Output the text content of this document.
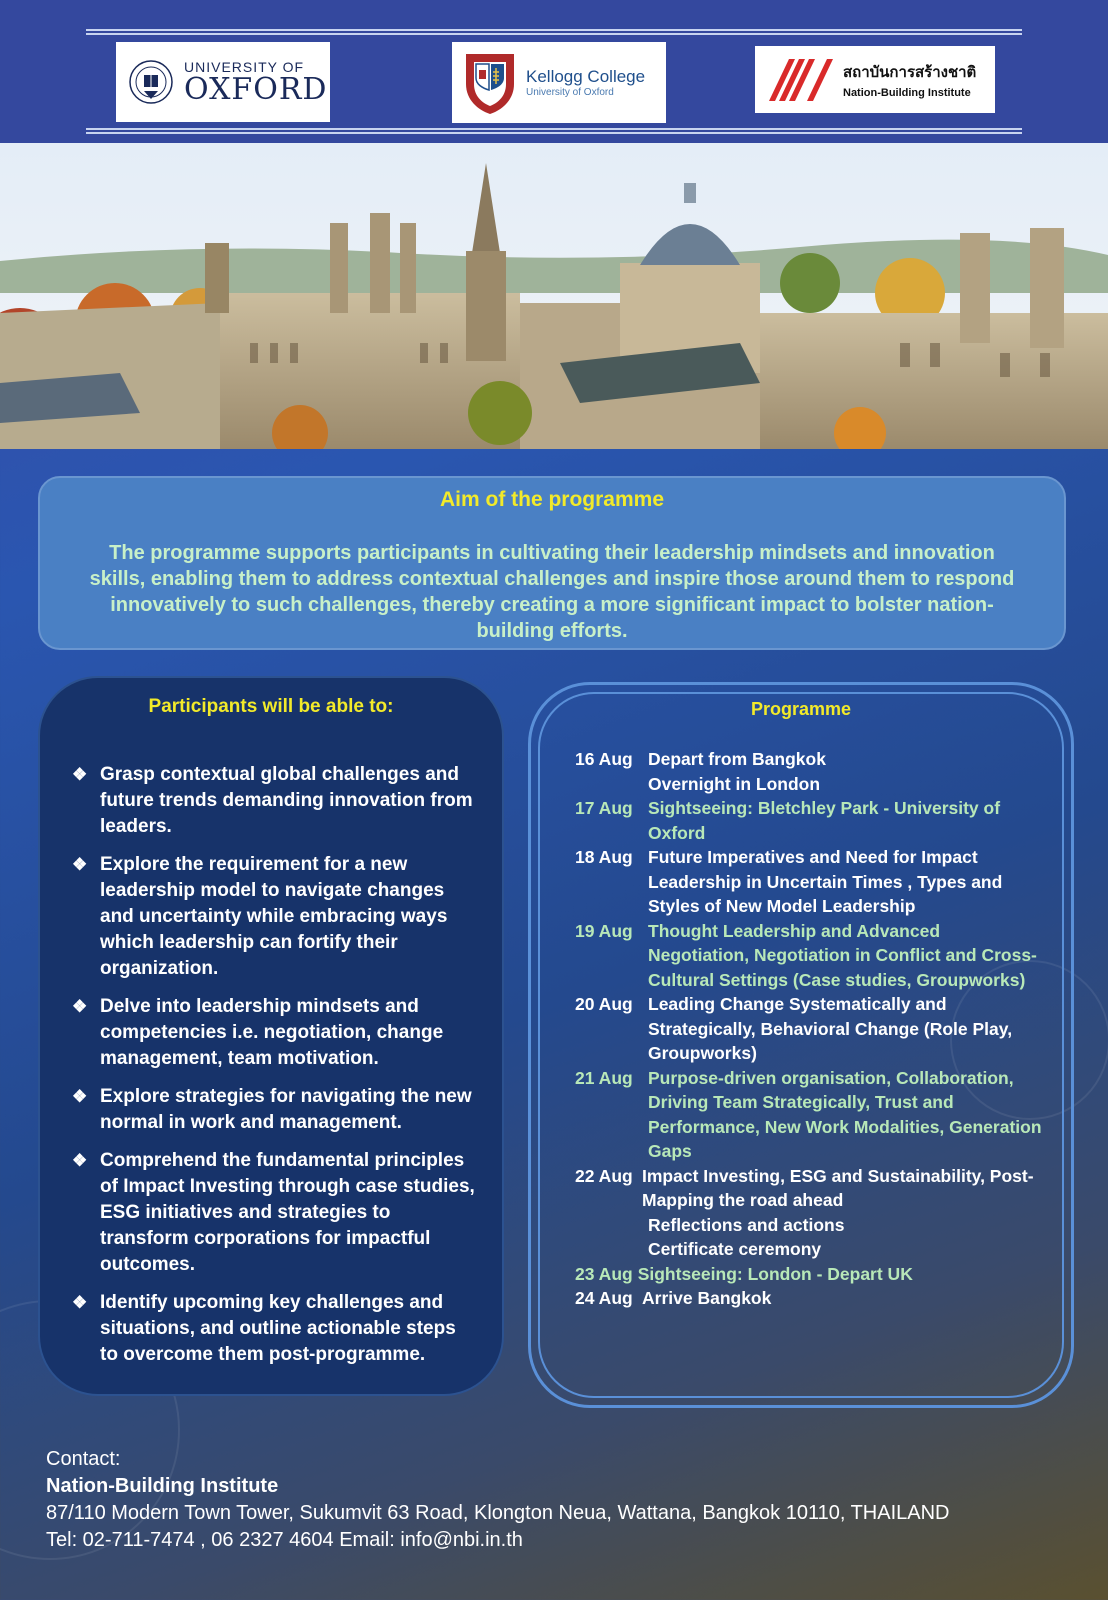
UNIVERSITY OF
OXFORD	Kellogg College
University of Oxford
สถาบันการสร้างชาติ
Nation-Building Institute
Aim of the programme
The programme supports participants in cultivating their leadership mindsets and innovation skills, enabling them to address contextual challenges and inspire those around them to respond innovatively to such challenges, thereby creating a more significant impact to bolster nation-building efforts.
Participants will be able to:
❖ Grasp contextual global challenges and future trends demanding innovation from leaders.
❖ Explore the requirement for a new leadership model to navigate changes and uncertainty while embracing ways which leadership can fortify their organization.
❖ Delve into leadership mindsets and competencies i.e. negotiation, change management, team motivation.
❖ Explore strategies for navigating the new normal in work and management.
❖ Comprehend the fundamental principles of Impact Investing through case studies, ESG initiatives and strategies to transform corporations for impactful outcomes.
❖ Identify upcoming key challenges and situations, and outline actionable steps to overcome them post-programme.
Programme
16 Aug Depart from Bangkok
Overnight in London
17 Aug Sightseeing: Bletchley Park - University of Oxford
18 Aug Future Imperatives and Need for Impact Leadership in Uncertain Times , Types and Styles of New Model Leadership
19 Aug Thought Leadership and Advanced Negotiation, Negotiation in Conflict and Cross-Cultural Settings (Case studies, Groupworks)
20 Aug Leading Change Systematically and Strategically, Behavioral Change (Role Play, Groupworks)
21 Aug Purpose-driven organisation, Collaboration, Driving Team Strategically, Trust and Performance, New Work Modalities, Generation Gaps
22 Aug Impact Investing, ESG and Sustainability, Post-Mapping the road ahead
Reflections and actions
Certificate ceremony
23 Aug Sightseeing: London - Depart UK
24 Aug Arrive Bangkok
Contact:
Nation-Building Institute
87/110 Modern Town Tower, Sukumvit 63 Road, Klongton Neua, Wattana, Bangkok 10110, THAILAND
Tel: 02-711-7474 , 06 2327 4604 Email: info@nbi.in.th
